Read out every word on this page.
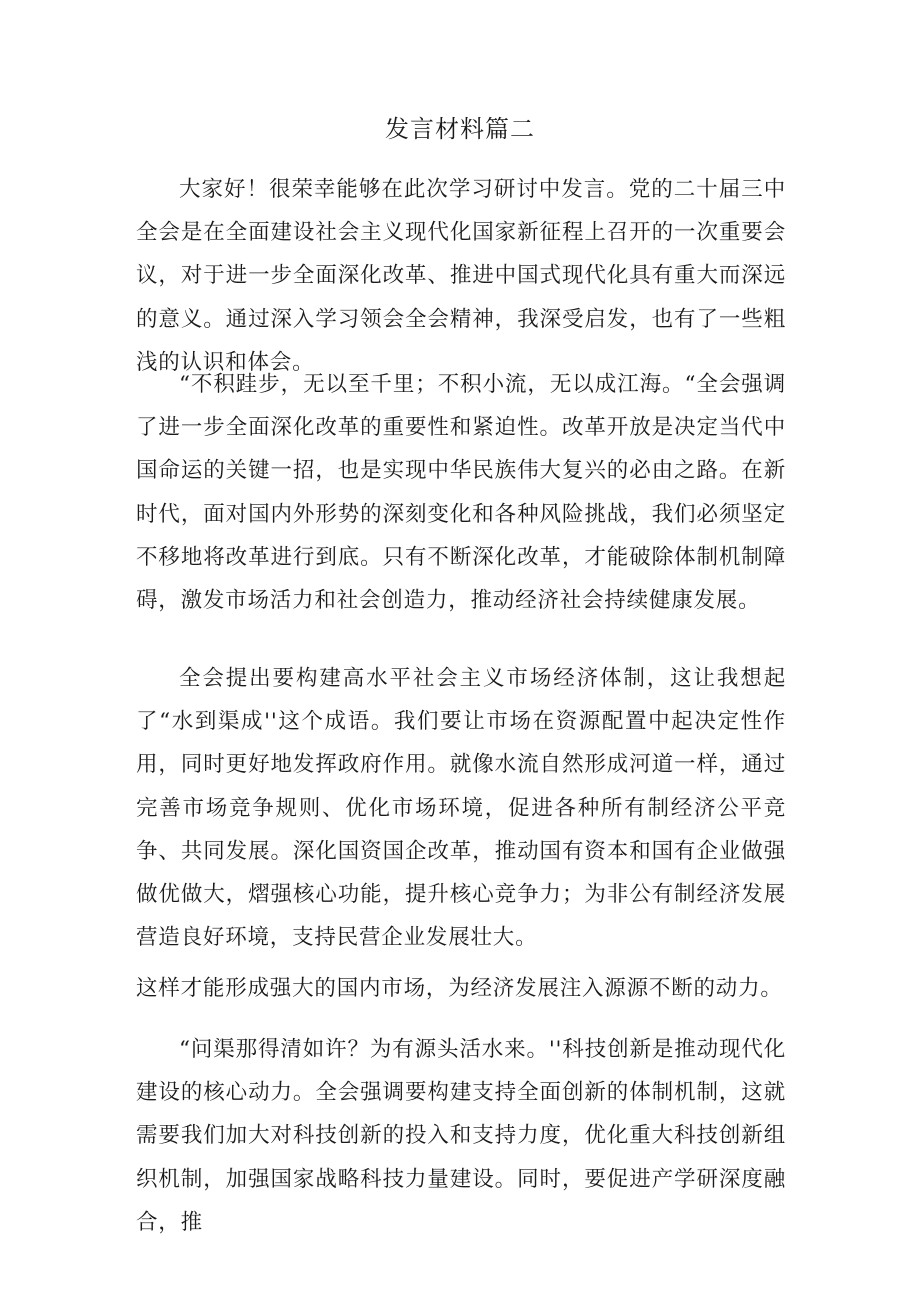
发言材料篇二

大家好！很荣幸能够在此次学习研讨中发言。党的二十届三中全会是在全面建设社会主义现代化国家新征程上召开的一次重要会议，对于进一步全面深化改革、推进中国式现代化具有重大而深远的意义。通过深入学习领会全会精神，我深受启发，也有了一些粗浅的认识和体会。

“不积跬步，无以至千里；不积小流，无以成江海。“全会强调了进一步全面深化改革的重要性和紧迫性。改革开放是决定当代中国命运的关键一招，也是实现中华民族伟大复兴的必由之路。在新时代，面对国内外形势的深刻变化和各种风险挑战，我们必须坚定不移地将改革进行到底。只有不断深化改革，才能破除体制机制障碍，激发市场活力和社会创造力，推动经济社会持续健康发展。

全会提出要构建高水平社会主义市场经济体制，这让我想起了“水到渠成''这个成语。我们要让市场在资源配置中起决定性作用，同时更好地发挥政府作用。就像水流自然形成河道一样，通过完善市场竞争规则、优化市场环境，促进各种所有制经济公平竞争、共同发展。深化国资国企改革，推动国有资本和国有企业做强做优做大，熠强核心功能，提升核心竞争力；为非公有制经济发展营造良好环境，支持民营企业发展壮大。

这样才能形成强大的国内市场，为经济发展注入源源不断的动力。

“问渠那得清如许？为有源头活水来。''科技创新是推动现代化建设的核心动力。全会强调要构建支持全面创新的体制机制，这就需要我们加大对科技创新的投入和支持力度，优化重大科技创新组织机制，加强国家战略科技力量建设。同时，要促进产学研深度融合，推
